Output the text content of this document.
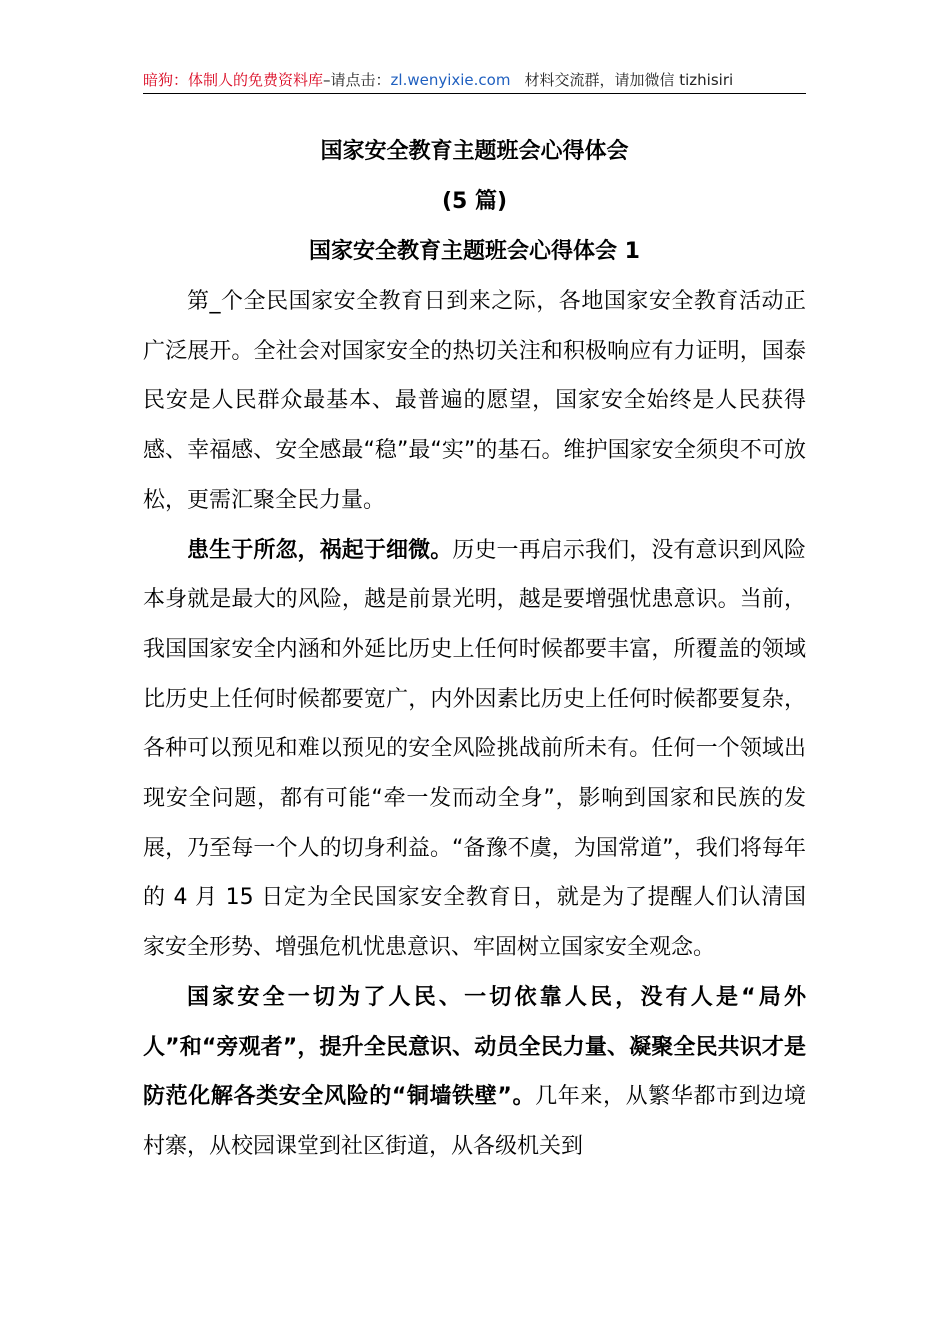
暗狗：体制人的免费资料库–请点击：zl.wenyixie.com 材料交流群，请加微信 tizhisiri
国家安全教育主题班会心得体会
(5 篇)
国家安全教育主题班会心得体会 1

第_个全民国家安全教育日到来之际，各地国家安全教育活动正广泛展开。全社会对国家安全的热切关注和积极响应有力证明，国泰民安是人民群众最基本、最普遍的愿望，国家安全始终是人民获得感、幸福感、安全感最“稳”最“实”的基石。维护国家安全须臾不可放松，更需汇聚全民力量。

患生于所忽，祸起于细微。历史一再启示我们，没有意识到风险本身就是最大的风险，越是前景光明，越是要增强忧患意识。当前，我国国家安全内涵和外延比历史上任何时候都要丰富，所覆盖的领域比历史上任何时候都要宽广，内外因素比历史上任何时候都要复杂，各种可以预见和难以预见的安全风险挑战前所未有。任何一个领域出现安全问题，都有可能“牵一发而动全身”，影响到国家和民族的发展，乃至每一个人的切身利益。“备豫不虞，为国常道”，我们将每年的 4 月 15 日定为全民国家安全教育日，就是为了提醒人们认清国家安全形势、增强危机忧患意识、牢固树立国家安全观念。

国家安全一切为了人民、一切依靠人民，没有人是“局外人”和“旁观者”，提升全民意识、动员全民力量、凝聚全民共识才是防范化解各类安全风险的“铜墙铁壁”。几年来，从繁华都市到边境村寨，从校园课堂到社区街道，从各级机关到
